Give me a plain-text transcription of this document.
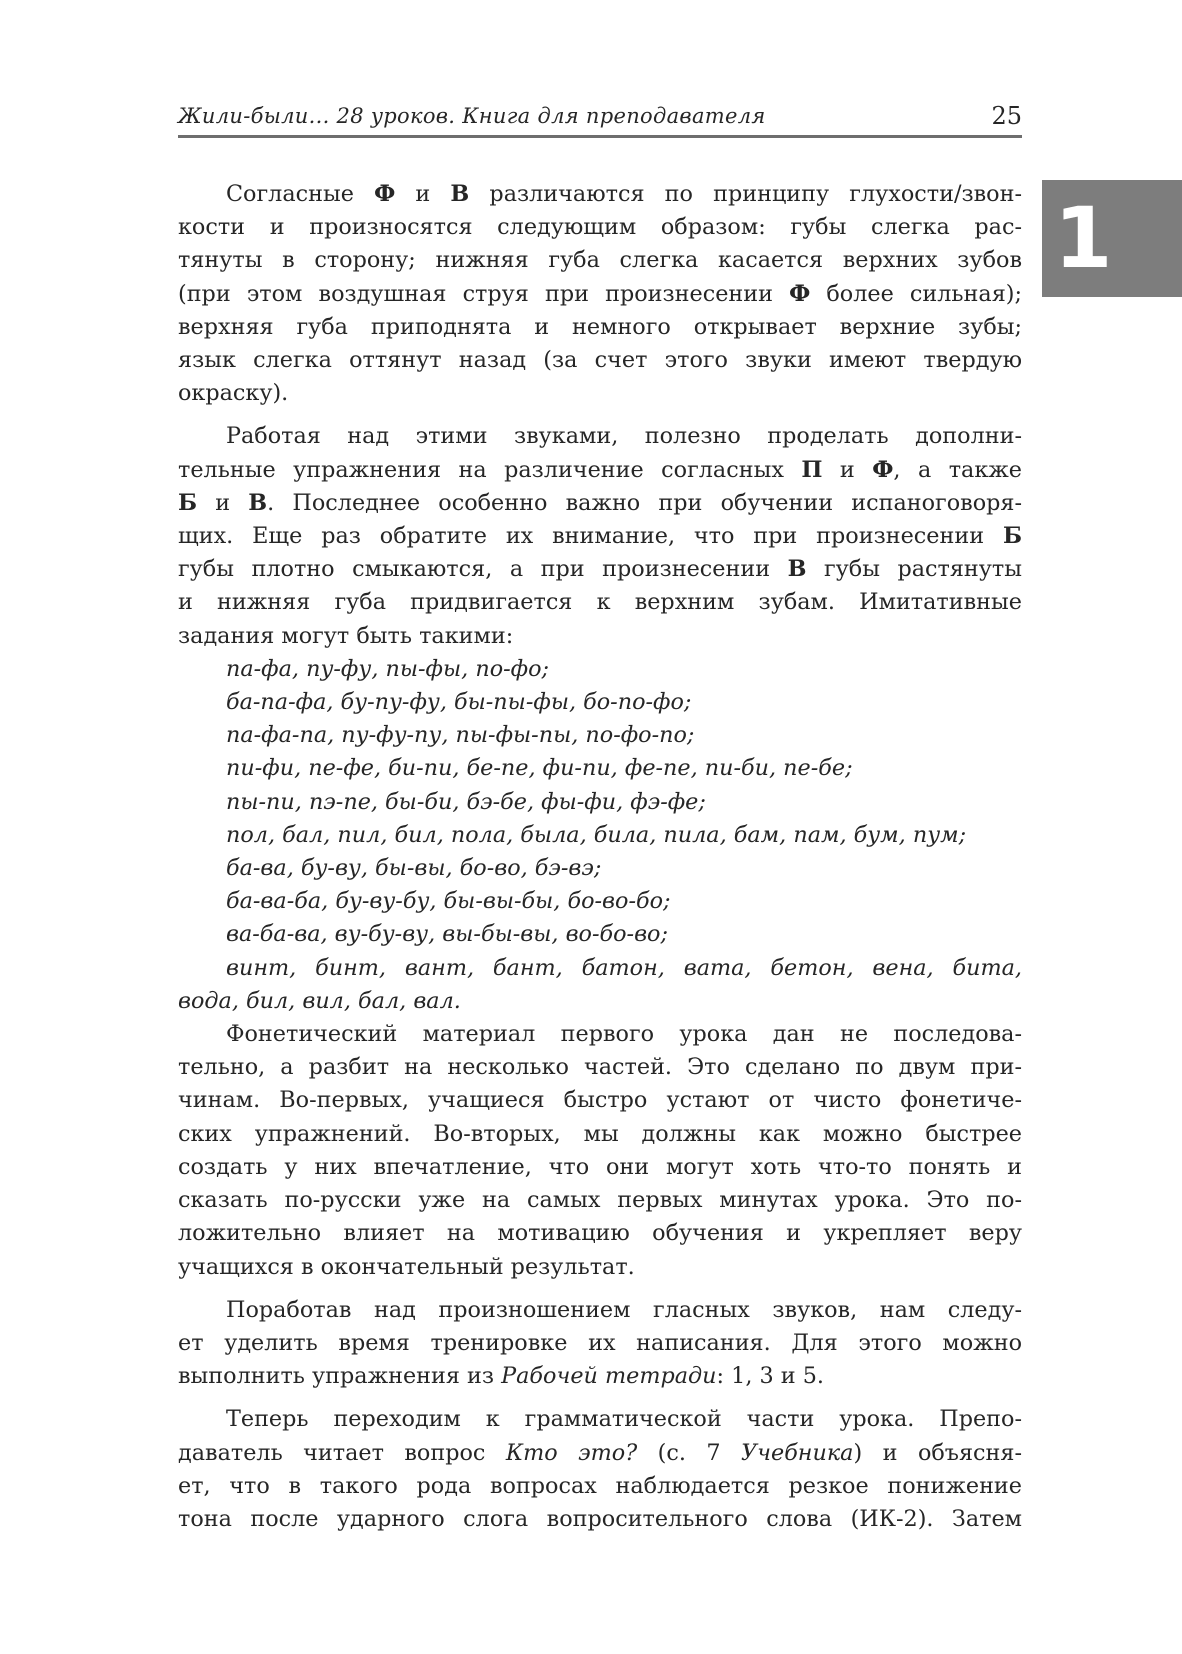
Жили-были... 28 уроков. Книга для преподавателя	25
1

Согласные Ф и В различаются по принципу глухости/звон-

кости и произносятся следующим образом: губы слегка рас-

тянуты в сторону; нижняя губа слегка касается верхних зубов

(при этом воздушная струя при произнесении Ф более сильная);

верхняя губа приподнята и немного открывает верхние зубы;

язык слегка оттянут назад (за счет этого звуки имеют твердую

окраску).

Работая над этими звуками, полезно проделать дополни-

тельные упражнения на различение согласных П и Ф, а также

Б и В. Последнее особенно важно при обучении испаноговоря-

щих. Еще раз обратите их внимание, что при произнесении Б

губы плотно смыкаются, а при произнесении В губы растянуты

и нижняя губа придвигается к верхним зубам. Имитативные

задания могут быть такими:

па-фа, пу-фу, пы-фы, по-фо;

ба-па-фа, бу-пу-фу, бы-пы-фы, бо-по-фо;

па-фа-па, пу-фу-пу, пы-фы-пы, по-фо-по;

пи-фи, пе-фе, би-пи, бе-пе, фи-пи, фе-пе, пи-би, пе-бе;

пы-пи, пэ-пе, бы-би, бэ-бе, фы-фи, фэ-фе;

пол, бал, пил, бил, пола, была, била, пила, бам, пам, бум, пум;

ба-ва, бу-ву, бы-вы, бо-во, бэ-вэ;

ба-ва-ба, бу-ву-бу, бы-вы-бы, бо-во-бо;

ва-ба-ва, ву-бу-ву, вы-бы-вы, во-бо-во;

винт, бинт, вант, бант, батон, вата, бетон, вена, бита,

вода, бил, вил, бал, вал.

Фонетический материал первого урока дан не последова-

тельно, а разбит на несколько частей. Это сделано по двум при-

чинам. Во-первых, учащиеся быстро устают от чисто фонетиче-

ских упражнений. Во-вторых, мы должны как можно быстрее

создать у них впечатление, что они могут хоть что-то понять и

сказать по-русски уже на самых первых минутах урока. Это по-

ложительно влияет на мотивацию обучения и укрепляет веру

учащихся в окончательный результат.

Поработав над произношением гласных звуков, нам следу-

ет уделить время тренировке их написания. Для этого можно

выполнить упражнения из Рабочей тетради: 1, 3 и 5.

Теперь переходим к грамматической части урока. Препо-

даватель читает вопрос Кто это? (с. 7 Учебника) и объясня-

ет, что в такого рода вопросах наблюдается резкое понижение

тона после ударного слога вопросительного слова (ИК-2). Затем
